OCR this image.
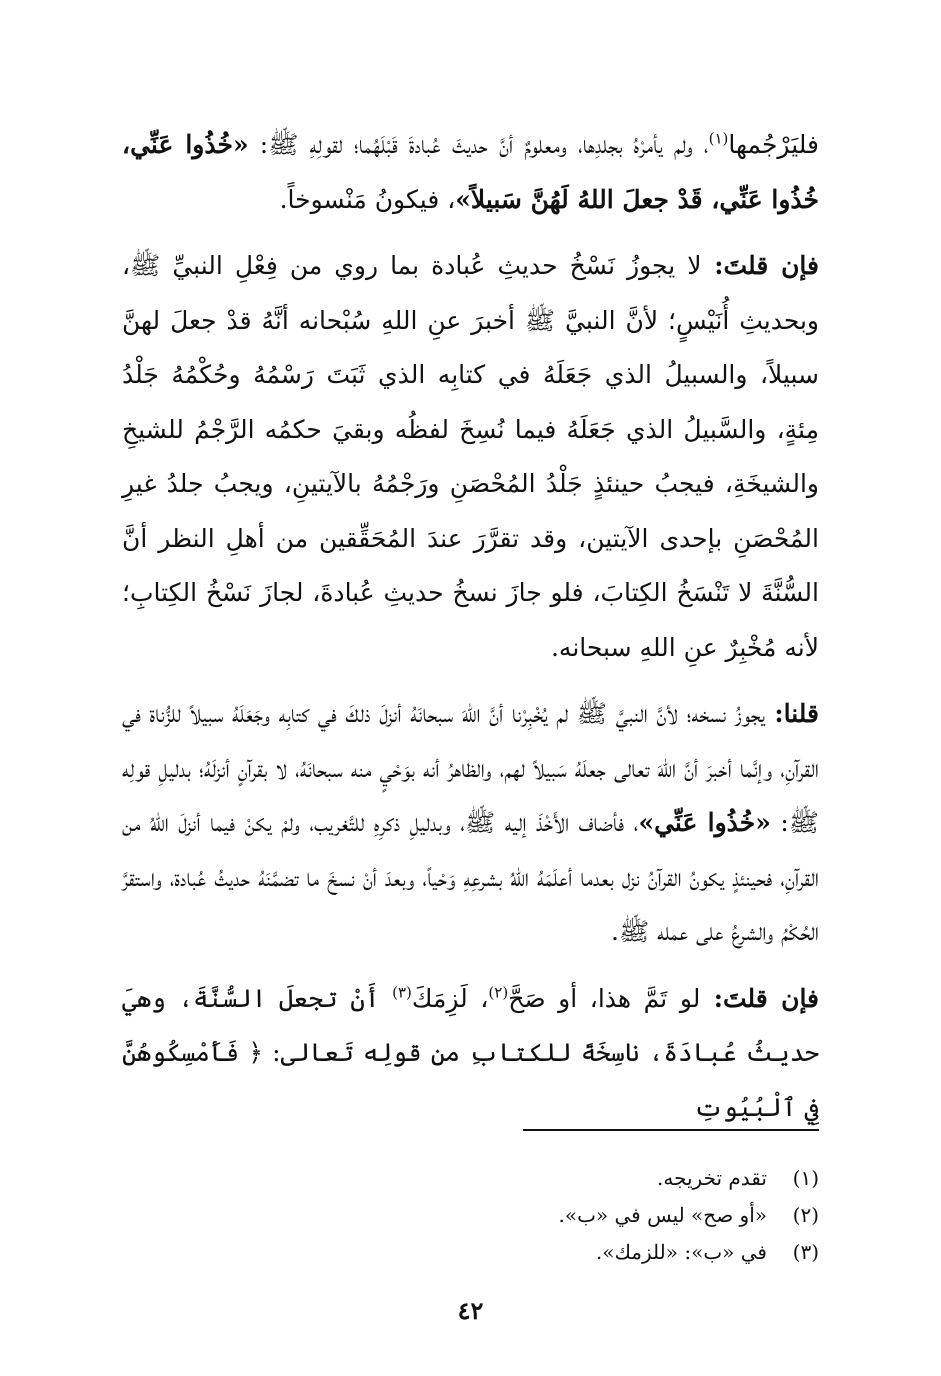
فليَرْجُمها$^{(١)}$، ولم يأمرْهُ بجلدِها، ومعلومٌ أنَّ حديثَ عُبادةَ قَبْلَهُما؛ لقولِهِ ﷺ: «خُذُوا عَنِّي، خُذُوا عَنِّي، قَدْ جعلَ اللهُ لَهُنَّ سَبيلاً»، فيكونُ مَنْسوخاً.

فإن قلتَ: لا يجوزُ نَسْخُ حديثِ عُبادة بما روي من فِعْلِ النبيِّ ﷺ، وبحديثِ أُنَيْسٍ؛ لأنَّ النبيَّ ﷺ أخبرَ عنِ اللهِ سُبْحانه أنَّهُ قدْ جعلَ لهنَّ سبيلاً، والسبيلُ الذي جَعَلَهُ في كتابِه الذي ثَبَتَ رَسْمُهُ وحُكْمُهُ جَلْدُ مِئةٍ، والسَّبيلُ الذي جَعَلَهُ فيما نُسِخَ لفظُه وبقيَ حكمُه الرَّجْمُ للشيخِ والشيخَةِ، فيجبُ حينئذٍ جَلْدُ المُحْصَنِ ورَجْمُهُ بالآيتينِ، ويجبُ جلدُ غيرِ المُحْصَنِ بإحدى الآيتين، وقد تقرَّرَ عندَ المُحَقِّقين من أهلِ النظر أنَّ السُّنَّةَ لا تَنْسَخُ الكِتابَ، فلو جازَ نسخُ حديثِ عُبادةَ، لجازَ نَسْخُ الكِتابِ؛ لأنه مُخْبِرٌ عنِ اللهِ سبحانه.

قلنا: يجوزُ نسخه؛ لأنَّ النبيَّ ﷺ لم يُخْبِرْنا أنَّ اللهَ سبحانَهُ أنزلَ ذلكَ في كتابِه وجَعَلَهُ سبيلاً للزُّناة في القرآنِ، وإنَّما أخبرَ أنَّ اللهَ تعالى جعلَهُ سَبيلاً لهم، والظاهرُ أنه بوَحْيٍ منه سبحانَهُ، لا بقرآنٍ أنزلَهُ؛ بدليلِ قولِه ﷺ: «خُذُوا عَنِّي»، فأضاف الأَخْذَ إليه ﷺ، وبدليلِ ذكرِهِ للتَّغريب، ولمْ يكنْ فيما أنزلَ اللهُ من القرآنِ، فحينئذٍ يكونُ القرآنُ نزل بعدما أعلَمَهُ اللهُ بشرعِهِ وَحْياً، وبعدَ أنْ نسخَ ما تضمَّنَهُ حديثُ عُبادة، واستقرَّ الحُكْمُ والشرعُ على عمله ﷺ.

فإن قلتَ: لو تَمَّ هذا، أو صَحَّ$^{(٢)}$، لَزِمَكَ$^{(٣)}$ أَنْ تجعلَ السُّنَّةَ، وهيَ حديثُ عُبادَةَ، ناسِخَةً للكتابِ من قولِه تَعالى: ﴿ فَأَمْسِكُوهُنَّ فِي ٱلْبُيُوتِ

(١)
تقدم تخريجه.
(٢)
«أو صح» ليس في «ب».
(٣)
في «ب»: «للزمك».
٤٢
